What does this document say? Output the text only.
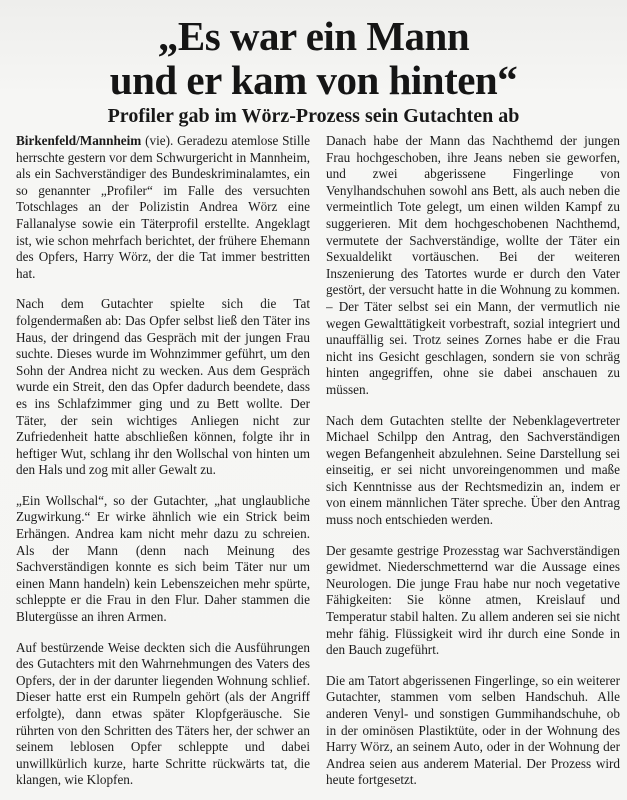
„Es war ein Mann
und er kam von hinten“
Profiler gab im Wörz-Prozess sein Gutachten ab

Birkenfeld/Mannheim (vie). Geradezu atemlose Stille herrschte gestern vor dem Schwurgericht in Mannheim, als ein Sachverständiger des Bundeskriminalamtes, ein so genannter „Profiler“ im Falle des versuchten Totschlages an der Polizistin Andrea Wörz eine Fallanalyse sowie ein Täterprofil erstellte. Angeklagt ist, wie schon mehrfach berichtet, der frühere Ehemann des Opfers, Harry Wörz, der die Tat immer bestritten hat.

Nach dem Gutachter spielte sich die Tat folgendermaßen ab: Das Opfer selbst ließ den Täter ins Haus, der dringend das Gespräch mit der jungen Frau suchte. Dieses wurde im Wohnzimmer geführt, um den Sohn der Andrea nicht zu wecken. Aus dem Gespräch wurde ein Streit, den das Opfer dadurch beendete, dass es ins Schlafzimmer ging und zu Bett wollte. Der Täter, der sein wichtiges Anliegen nicht zur Zufriedenheit hatte abschließen können, folgte ihr in heftiger Wut, schlang ihr den Wollschal von hinten um den Hals und zog mit aller Gewalt zu.

„Ein Wollschal“, so der Gutachter, „hat unglaubliche Zugwirkung.“ Er wirke ähnlich wie ein Strick beim Erhängen. Andrea kam nicht mehr dazu zu schreien. Als der Mann (denn nach Meinung des Sachverständigen konnte es sich beim Täter nur um einen Mann handeln) kein Lebenszeichen mehr spürte, schleppte er die Frau in den Flur. Daher stammen die Blutergüsse an ihren Armen.

Auf bestürzende Weise deckten sich die Ausführungen des Gutachters mit den Wahrnehmungen des Vaters des Opfers, der in der darunter liegenden Wohnung schlief. Dieser hatte erst ein Rumpeln gehört (als der Angriff erfolgte), dann etwas später Klopfgeräusche. Sie rührten von den Schritten des Täters her, der schwer an seinem leblosen Opfer schleppte und dabei unwillkürlich kurze, harte Schritte rückwärts tat, die klangen, wie Klopfen.

Danach habe der Mann das Nachthemd der jungen Frau hochgeschoben, ihre Jeans neben sie geworfen, und zwei abgerissene Fingerlinge von Venylhandschuhen sowohl ans Bett, als auch neben die vermeintlich Tote gelegt, um einen wilden Kampf zu suggerieren. Mit dem hochgeschobenen Nachthemd, vermutete der Sachverständige, wollte der Täter ein Sexualdelikt vortäuschen. Bei der weiteren Inszenierung des Tatortes wurde er durch den Vater gestört, der versucht hatte in die Wohnung zu kommen. – Der Täter selbst sei ein Mann, der vermutlich nie wegen Gewalttätigkeit vorbestraft, sozial integriert und unauffällig sei. Trotz seines Zornes habe er die Frau nicht ins Gesicht geschlagen, sondern sie von schräg hinten angegriffen, ohne sie dabei anschauen zu müssen.

Nach dem Gutachten stellte der Nebenklagevertreter Michael Schilpp den Antrag, den Sachverständigen wegen Befangenheit abzulehnen. Seine Darstellung sei einseitig, er sei nicht unvoreingenommen und maße sich Kenntnisse aus der Rechtsmedizin an, indem er von einem männlichen Täter spreche. Über den Antrag muss noch entschieden werden.

Der gesamte gestrige Prozesstag war Sachverständigen gewidmet. Niederschmetternd war die Aussage eines Neurologen. Die junge Frau habe nur noch vegetative Fähigkeiten: Sie könne atmen, Kreislauf und Temperatur stabil halten. Zu allem anderen sei sie nicht mehr fähig. Flüssigkeit wird ihr durch eine Sonde in den Bauch zugeführt.

Die am Tatort abgerissenen Fingerlinge, so ein weiterer Gutachter, stammen vom selben Handschuh. Alle anderen Venyl- und sonstigen Gummihandschuhe, ob in der ominösen Plastiktüte, oder in der Wohnung des Harry Wörz, an seinem Auto, oder in der Wohnung der Andrea seien aus anderem Material. Der Prozess wird heute fortgesetzt.
